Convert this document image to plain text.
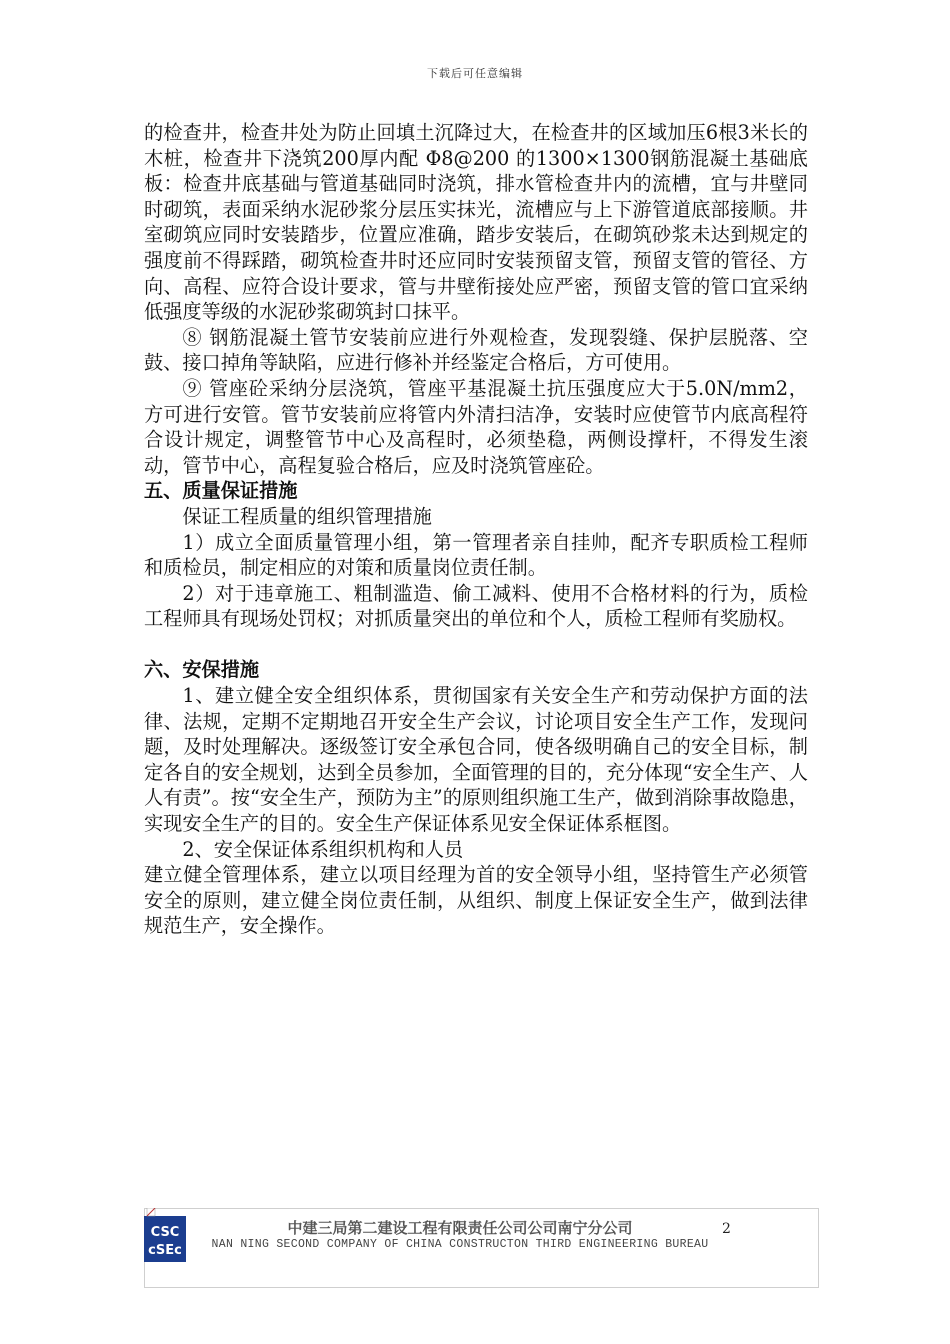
下载后可任意编辑

的检查井，检查井处为防止回填土沉降过大，在检查井的区域加压6根3米长的木桩，检查井下浇筑200厚内配 Φ8@200 的1300×1300钢筋混凝土基础底板：检查井底基础与管道基础同时浇筑，排水管检查井内的流槽，宜与井壁同时砌筑，表面采纳水泥砂浆分层压实抹光，流槽应与上下游管道底部接顺。井室砌筑应同时安装踏步，位置应准确，踏步安装后，在砌筑砂浆未达到规定的强度前不得踩踏，砌筑检查井时还应同时安装预留支管，预留支管的管径、方向、高程、应符合设计要求，管与井壁衔接处应严密，预留支管的管口宜采纳低强度等级的水泥砂浆砌筑封口抹平。

⑧ 钢筋混凝土管节安装前应进行外观检查，发现裂缝、保护层脱落、空鼓、接口掉角等缺陷，应进行修补并经鉴定合格后，方可使用。

⑨ 管座砼采纳分层浇筑，管座平基混凝土抗压强度应大于5.0N/mm2，方可进行安管。管节安装前应将管内外清扫洁净，安装时应使管节内底高程符合设计规定，调整管节中心及高程时，必须垫稳，两侧设撑杆，不得发生滚动，管节中心，高程复验合格后，应及时浇筑管座砼。

五、质量保证措施

保证工程质量的组织管理措施

1）成立全面质量管理小组，第一管理者亲自挂帅，配齐专职质检工程师和质检员，制定相应的对策和质量岗位责任制。

2）对于违章施工、粗制滥造、偷工减料、使用不合格材料的行为，质检工程师具有现场处罚权；对抓质量突出的单位和个人，质检工程师有奖励权。

六、安保措施

1、建立健全安全组织体系，贯彻国家有关安全生产和劳动保护方面的法律、法规，定期不定期地召开安全生产会议，讨论项目安全生产工作，发现问题，及时处理解决。逐级签订安全承包合同，使各级明确自己的安全目标，制定各自的安全规划，达到全员参加，全面管理的目的，充分体现“安全生产、人人有责”。按“安全生产，预防为主”的原则组织施工生产，做到消除事故隐患，实现安全生产的目的。安全生产保证体系见安全保证体系框图。

2、安全保证体系组织机构和人员

建立健全管理体系，建立以项目经理为首的安全领导小组，坚持管生产必须管安全的原则，建立健全岗位责任制，从组织、制度上保证安全生产，做到法律规范生产，安全操作。

CSC
cSEc
中建三局第二建设工程有限责任公司公司南宁分公司
NAN NING SECOND COMPANY OF CHINA CONSTRUCTON THIRD ENGINEERING BUREAU
2
